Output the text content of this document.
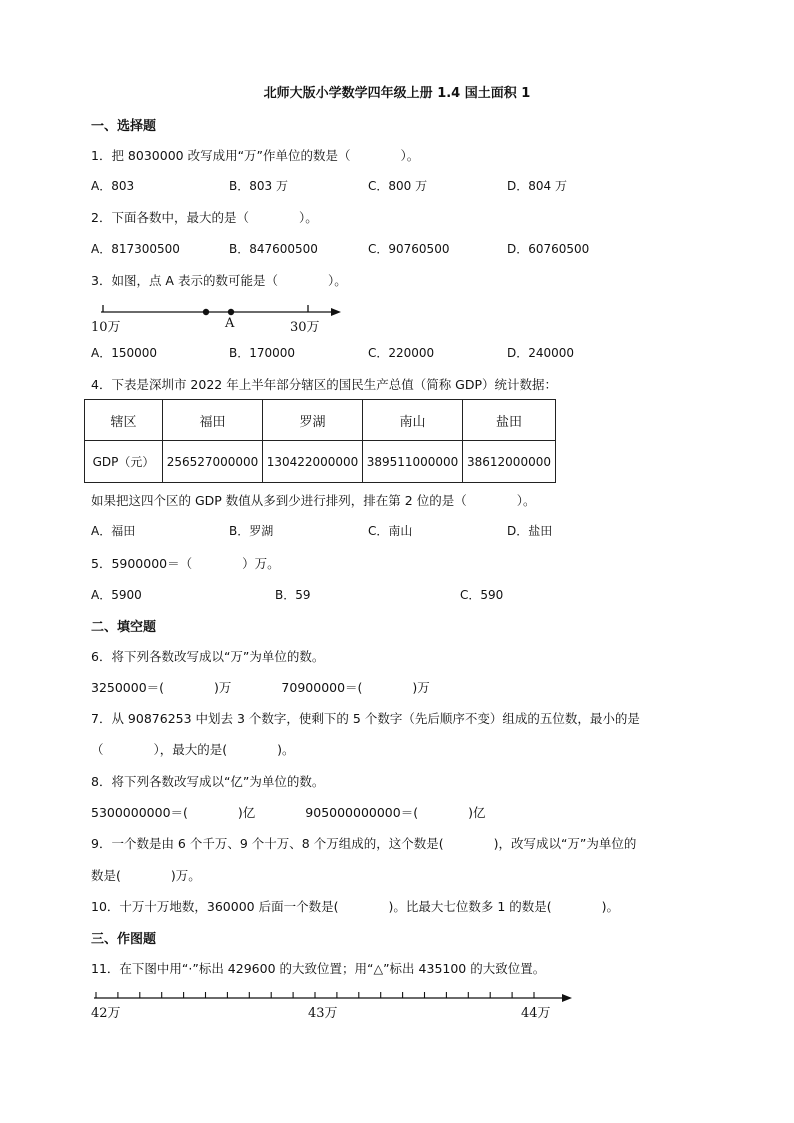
北师大版小学数学四年级上册 1.4 国土面积 1
一、选择题
1．把 8030000 改写成用“万”作单位的数是（　　　　）。
A．803	B．803 万	C．800 万	D．804 万
2．下面各数中，最大的是（　　　　）。
A．817300500	B．847600500	C．90760500	D．60760500
3．如图，点 A 表示的数可能是（　　　　）。
10万	A	30万
A．150000	B．170000	C．220000	D．240000
4．下表是深圳市 2022 年上半年部分辖区的国民生产总值（简称 GDP）统计数据：
辖区	福田	罗湖	南山	盐田
GDP（元）	256527000000	130422000000	389511000000	38612000000
如果把这四个区的 GDP 数值从多到少进行排列，排在第 2 位的是（　　　　）。
A．福田	B．罗湖	C．南山	D．盐田
5．5900000＝（　　　　）万。
A．5900	B．59	C．590
二、填空题
6．将下列各数改写成以“万”为单位的数。
3250000＝(　　　　)万　　　　70900000＝(　　　　)万
7．从 90876253 中划去 3 个数字，使剩下的 5 个数字（先后顺序不变）组成的五位数，最小的是
（　　　　），最大的是(　　　　)。
8．将下列各数改写成以“亿”为单位的数。
5300000000＝(　　　　)亿　　　　905000000000＝(　　　　)亿
9．一个数是由 6 个千万、9 个十万、8 个万组成的，这个数是(　　　　)，改写成以“万”为单位的
数是(　　　　)万。
10．十万十万地数，360000 后面一个数是(　　　　)。比最大七位数多 1 的数是(　　　　)。
三、作图题
11．在下图中用“·”标出 429600 的大致位置；用“△”标出 435100 的大致位置。
42万	43万	44万
